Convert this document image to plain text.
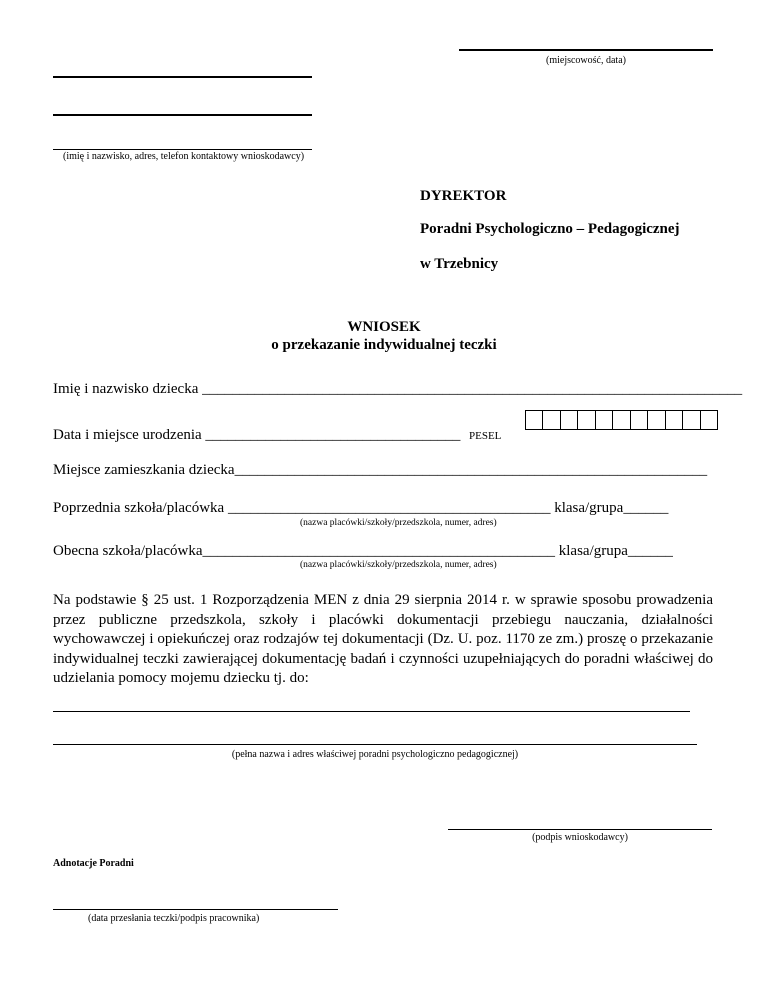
(miejscowość, data)
(imię i nazwisko, adres, telefon kontaktowy wnioskodawcy)
DYREKTOR
Poradni Psychologiczno – Pedagogicznej
w Trzebnicy
WNIOSEK
o przekazanie indywidualnej teczki
Imię i nazwisko dziecka ________________________________________________________________________
Data i miejsce urodzenia __________________________________ PESEL
Miejsce zamieszkania dziecka_______________________________________________________________
Poprzednia szkoła/placówka ___________________________________________ klasa/grupa______
(nazwa placówki/szkoły/przedszkola, numer, adres)
Obecna szkoła/placówka_______________________________________________ klasa/grupa______
(nazwa placówki/szkoły/przedszkola, numer, adres)
Na podstawie § 25 ust. 1 Rozporządzenia MEN z dnia 29 sierpnia 2014 r. w sprawie sposobu prowadzenia przez publiczne przedszkola, szkoły i placówki dokumentacji przebiegu nauczania, działalności wychowawczej i opiekuńczej oraz rodzajów tej dokumentacji (Dz. U. poz. 1170 ze zm.) proszę o przekazanie indywidualnej teczki zawierającej dokumentację badań i czynności uzupełniających do poradni właściwej do udzielania pomocy mojemu dziecku tj. do:
(pełna nazwa i adres właściwej poradni psychologiczno pedagogicznej)
(podpis wnioskodawcy)
Adnotacje Poradni
(data przesłania teczki/podpis pracownika)
